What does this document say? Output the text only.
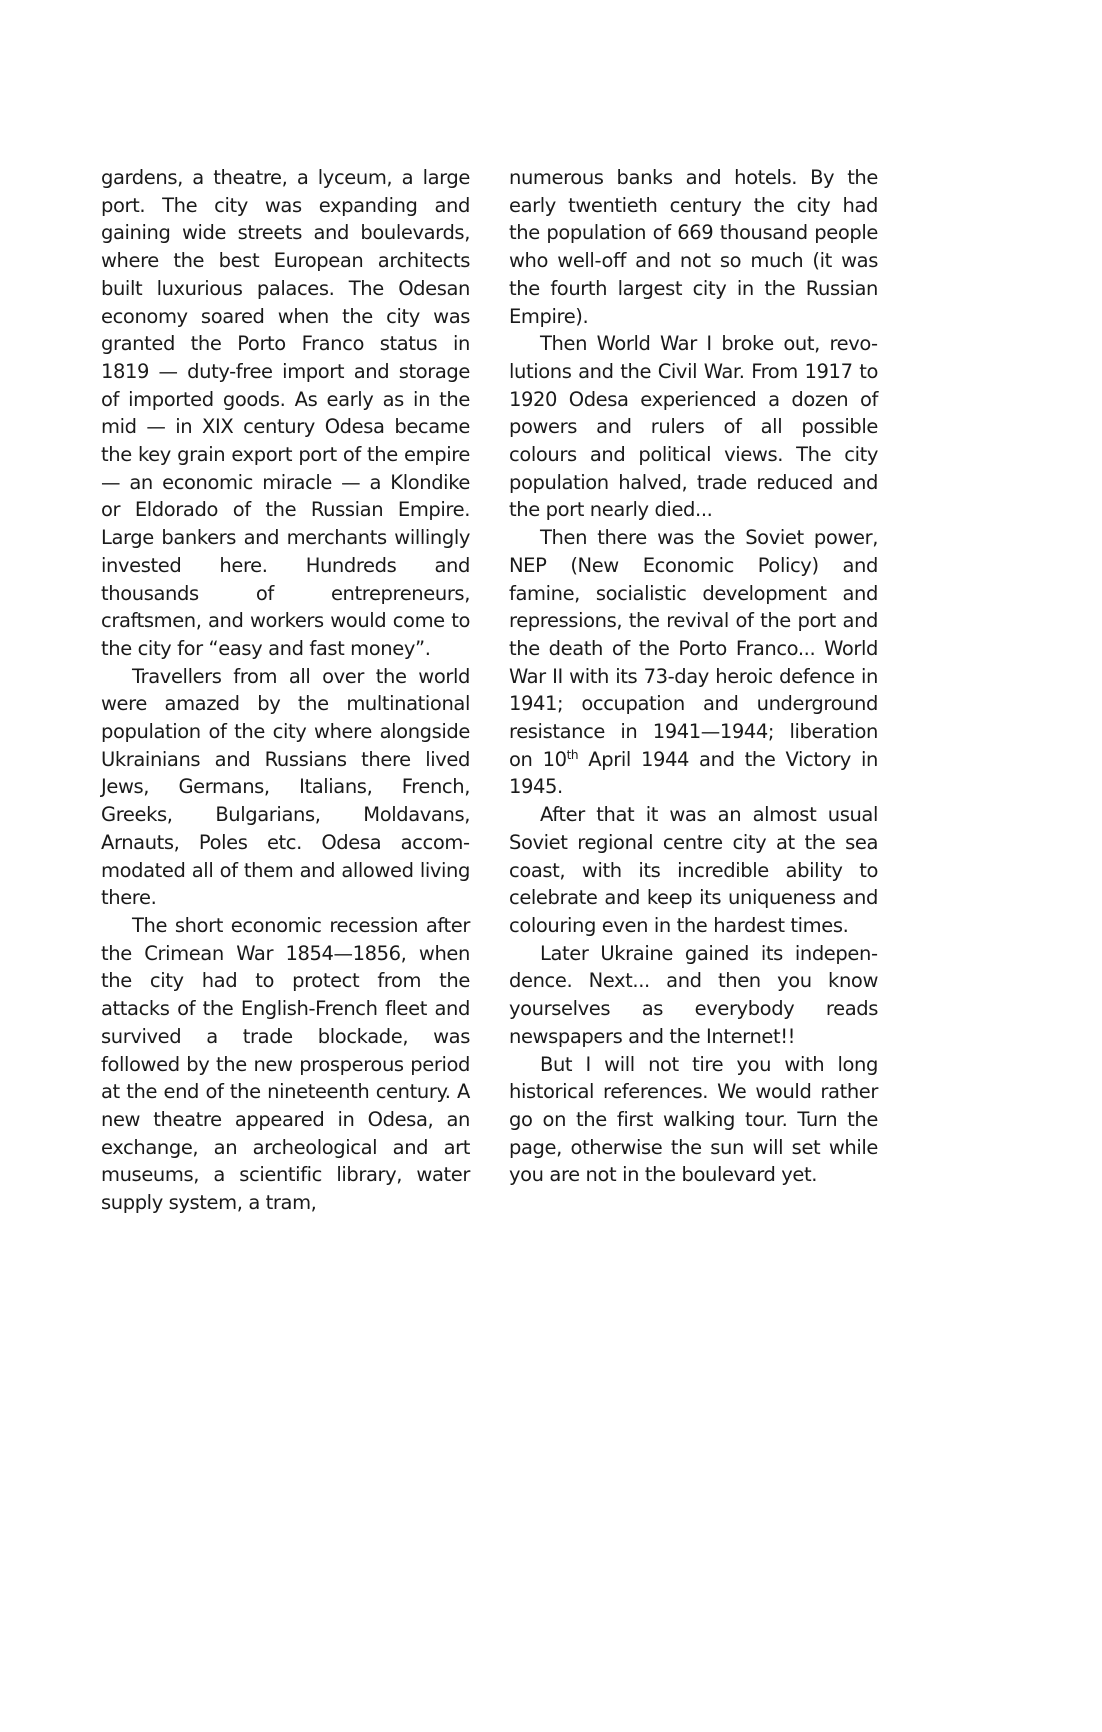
gardens, a theatre, a lyceum, a large port. The city was expanding and gaining wide streets and boulevards, where the best European architects built luxurious palaces. The Odesan economy soared when the city was granted the Porto Franco status in 1819 — duty-free import and storage of imported goods. As early as in the mid — in XIX century Odesa became the key grain export port of the empire — an economic miracle — a Klondike or Eldorado of the Russian Empire. Large bankers and merchants willingly invested here. Hundreds and thousands of entrepreneurs, craftsmen, and workers would come to the city for “easy and fast money”.

Travellers from all over the world were amazed by the multinational population of the city where alongside Ukrainians and Russians there lived Jews, Germans, Italians, French, Greeks, Bulgarians, Moldavans, Arnauts, Poles etc. Odesa accommodated all of them and allowed living there.

The short economic recession after the Crimean War 1854—1856, when the city had to protect from the attacks of the English-French fleet and survived a trade blockade, was followed by the new prosperous period at the end of the nineteenth century. A new theatre appeared in Odesa, an exchange, an archeological and art museums, a scientific library, water supply system, a tram,

numerous banks and hotels. By the early twentieth century the city had the population of 669 thousand people who well-off and not so much (it was the fourth largest city in the Russian Empire).

Then World War I broke out, revolutions and the Civil War. From 1917 to 1920 Odesa experienced a dozen of powers and rulers of all possible colours and political views. The city population halved, trade reduced and the port nearly died...

Then there was the Soviet power, NEP (New Economic Policy) and famine, socialistic development and repressions, the revival of the port and the death of the Porto Franco... World War II with its 73-day heroic defence in 1941; occupation and underground resistance in 1941—1944; liberation on 10th April 1944 and the Victory in 1945.

After that it was an almost usual Soviet regional centre city at the sea coast, with its incredible ability to celebrate and keep its uniqueness and colouring even in the hardest times.

Later Ukraine gained its independence. Next... and then you know yourselves as everybody reads newspapers and the Internet!!

But I will not tire you with long historical references. We would rather go on the first walking tour. Turn the page, otherwise the sun will set while you are not in the boulevard yet.
